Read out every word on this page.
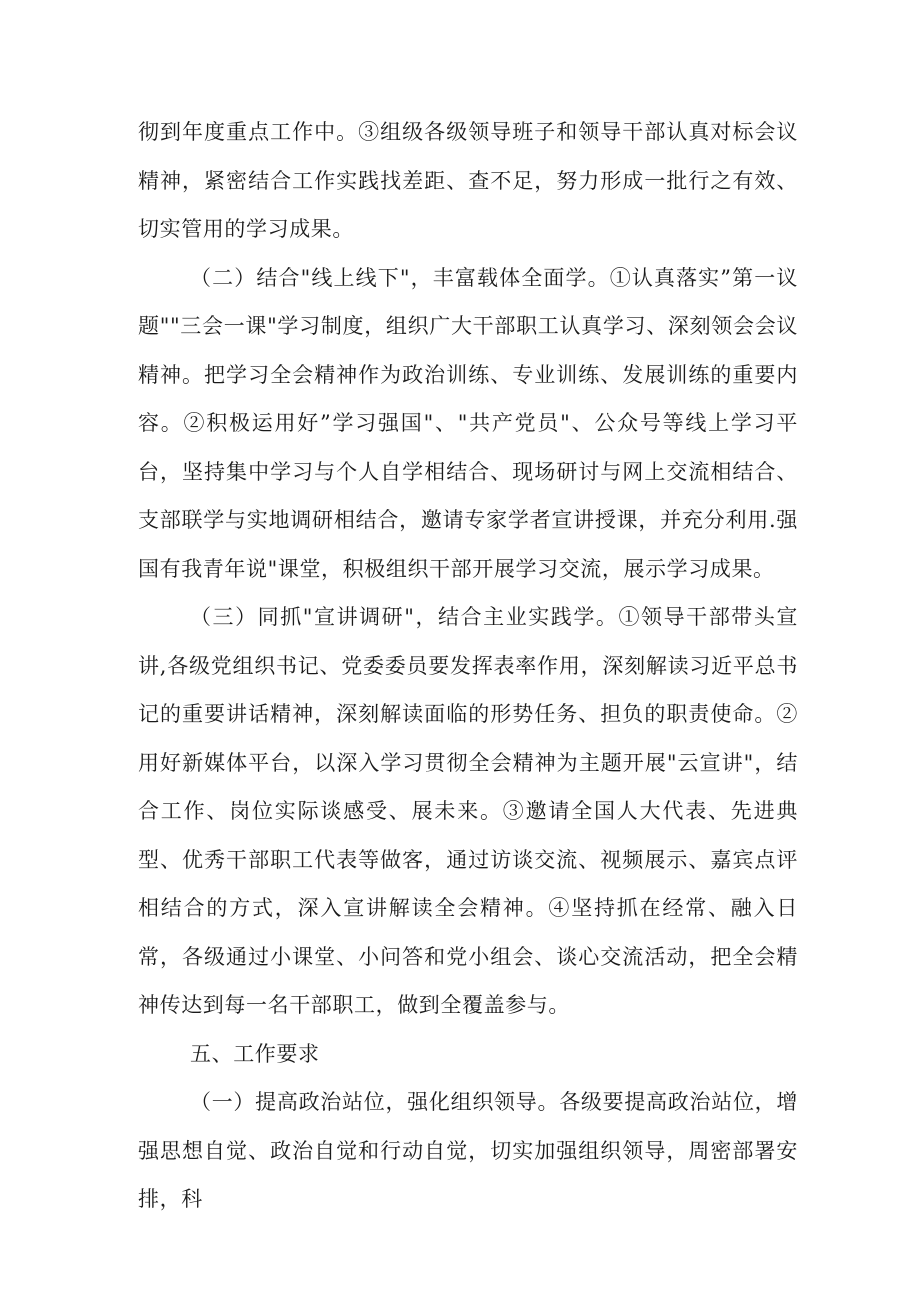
彻到年度重点工作中。③组级各级领导班子和领导干部认真对标会议精神，紧密结合工作实践找差距、查不足，努力形成一批行之有效、切实管用的学习成果。

（二）结合"线上线下"，丰富载体全面学。①认真落实”第一议题""三会一课"学习制度，组织广大干部职工认真学习、深刻领会会议精神。把学习全会精神作为政治训练、专业训练、发展训练的重要内容。②积极运用好”学习强国"、"共产党员"、公众号等线上学习平台，坚持集中学习与个人自学相结合、现场研讨与网上交流相结合、支部联学与实地调研相结合，邀请专家学者宣讲授课，并充分利用.强国有我青年说"课堂，积极组织干部开展学习交流，展示学习成果。

（三）同抓"宣讲调研"，结合主业实践学。①领导干部带头宣讲,各级党组织书记、党委委员要发挥表率作用，深刻解读习近平总书记的重要讲话精神，深刻解读面临的形势任务、担负的职责使命。②用好新媒体平台，以深入学习贯彻全会精神为主题开展"云宣讲"，结合工作、岗位实际谈感受、展未来。③邀请全国人大代表、先进典型、优秀干部职工代表等做客，通过访谈交流、视频展示、嘉宾点评相结合的方式，深入宣讲解读全会精神。④坚持抓在经常、融入日常，各级通过小课堂、小问答和党小组会、谈心交流活动，把全会精神传达到每一名干部职工，做到全覆盖参与。

五、工作要求

（一）提高政治站位，强化组织领导。各级要提高政治站位，增强思想自觉、政治自觉和行动自觉，切实加强组织领导，周密部署安排，科
